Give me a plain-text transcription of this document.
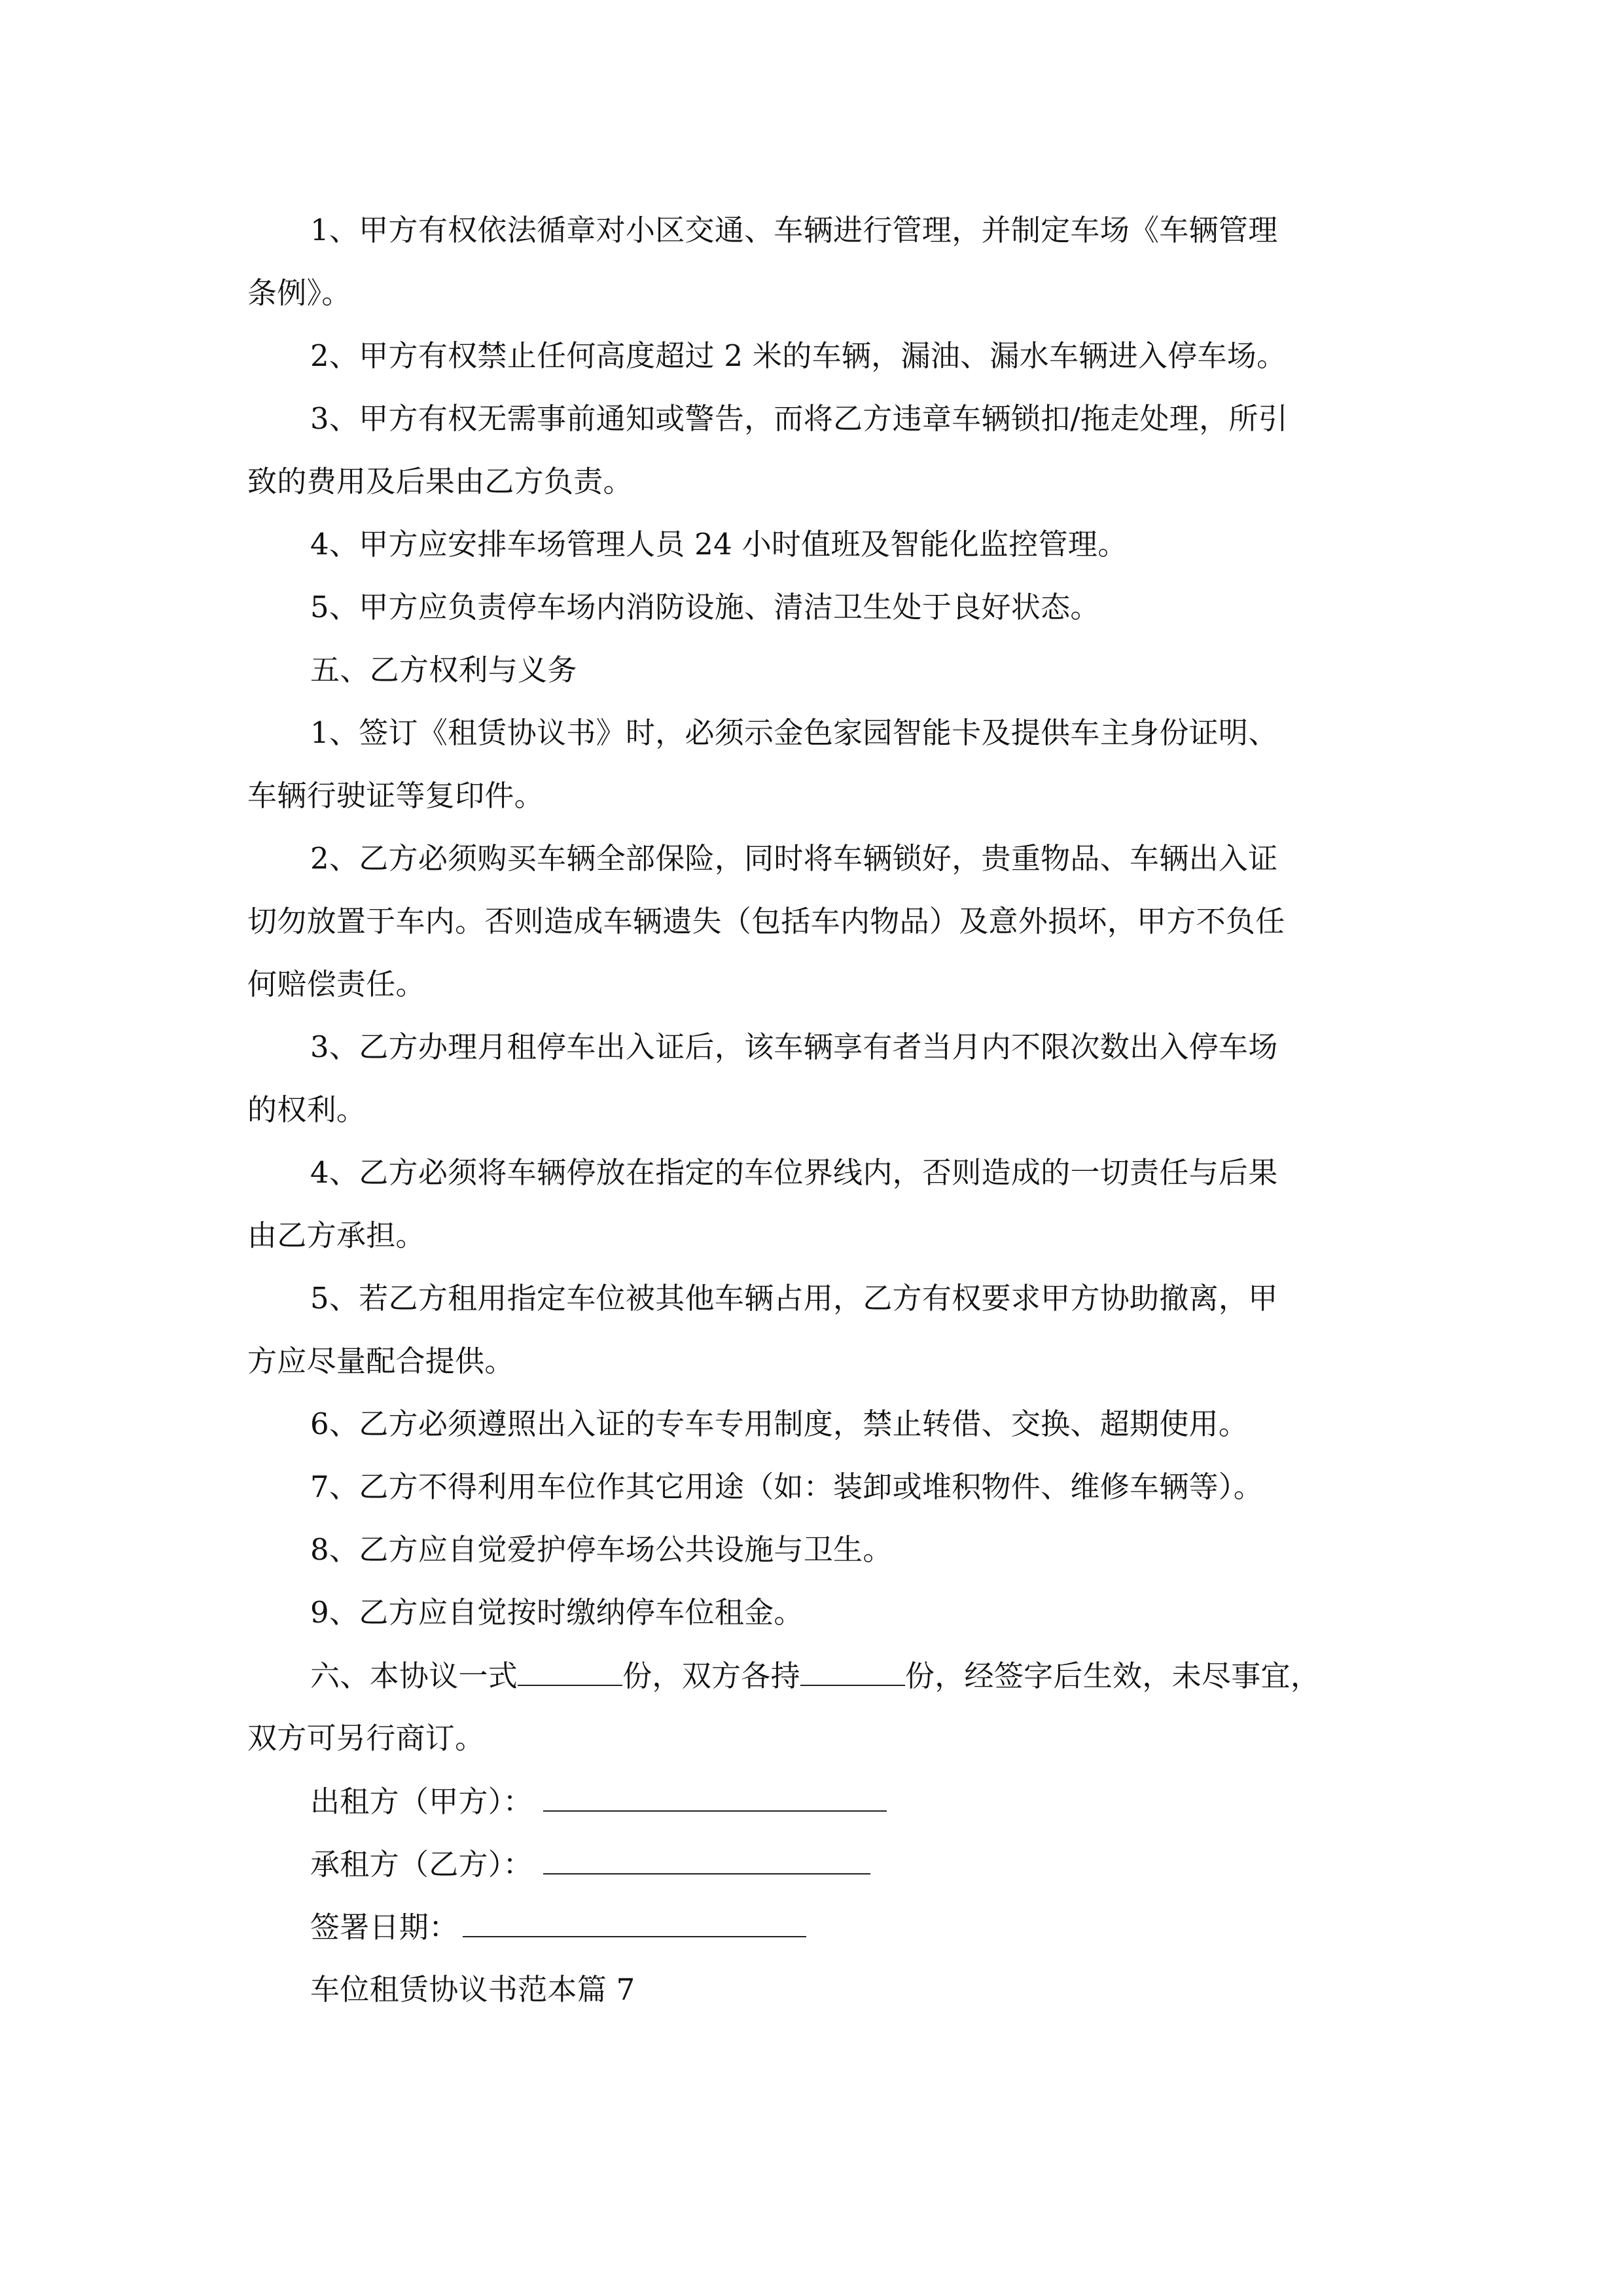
1、甲方有权依法循章对小区交通、车辆进行管理，并制定车场《车辆管理
条例》。
2、甲方有权禁止任何高度超过 2 米的车辆，漏油、漏水车辆进入停车场。
3、甲方有权无需事前通知或警告，而将乙方违章车辆锁扣/拖走处理，所引
致的费用及后果由乙方负责。
4、甲方应安排车场管理人员 24 小时值班及智能化监控管理。
5、甲方应负责停车场内消防设施、清洁卫生处于良好状态。
五、乙方权利与义务
1、签订《租赁协议书》时，必须示金色家园智能卡及提供车主身份证明、
车辆行驶证等复印件。
2、乙方必须购买车辆全部保险，同时将车辆锁好，贵重物品、车辆出入证
切勿放置于车内。否则造成车辆遗失（包括车内物品）及意外损坏，甲方不负任
何赔偿责任。
3、乙方办理月租停车出入证后，该车辆享有者当月内不限次数出入停车场
的权利。
4、乙方必须将车辆停放在指定的车位界线内，否则造成的一切责任与后果
由乙方承担。
5、若乙方租用指定车位被其他车辆占用，乙方有权要求甲方协助撤离，甲
方应尽量配合提供。
6、乙方必须遵照出入证的专车专用制度，禁止转借、交换、超期使用。
7、乙方不得利用车位作其它用途（如：装卸或堆积物件、维修车辆等）。
8、乙方应自觉爱护停车场公共设施与卫生。
9、乙方应自觉按时缴纳停车位租金。
六、本协议一式	份，双方各持	份，经签字后生效，未尽事宜，
双方可另行商订。
出租方（甲方）：
承租方（乙方）：
签署日期：
车位租赁协议书范本篇 7
